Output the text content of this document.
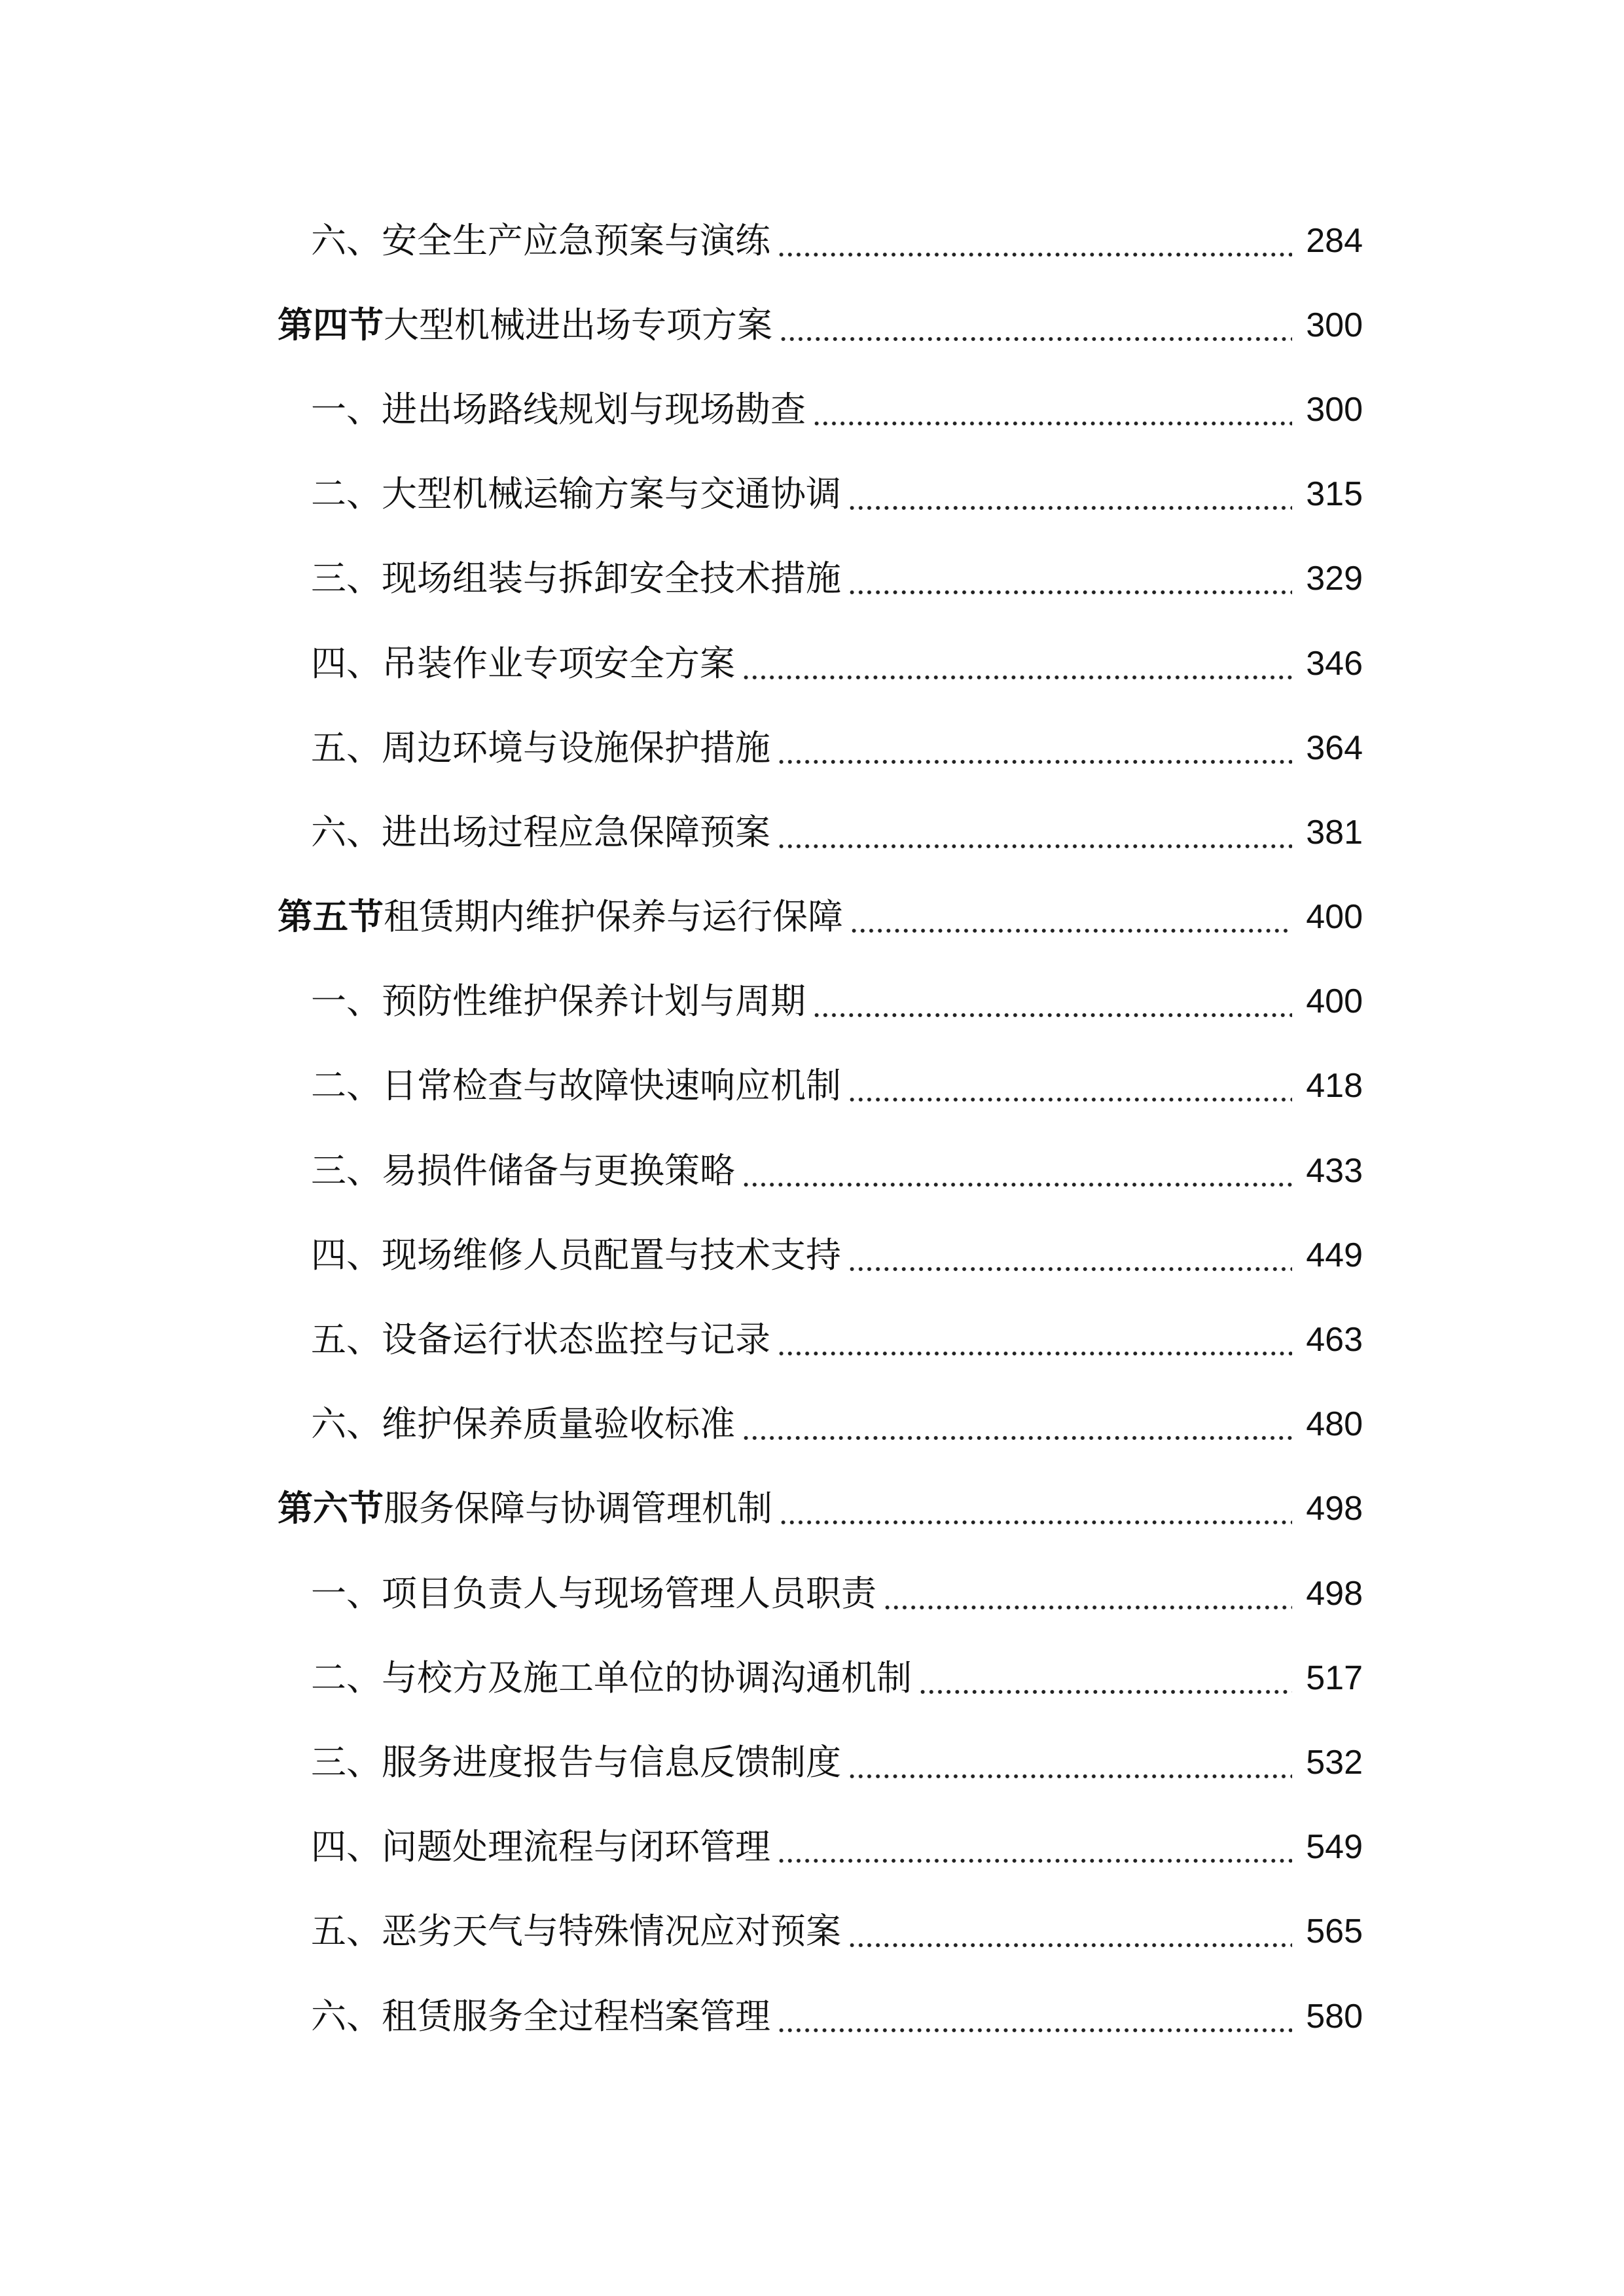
六、安全生产应急预案与演练	284
第四节大型机械进出场专项方案	300
一、进出场路线规划与现场勘查	300
二、大型机械运输方案与交通协调	315
三、现场组装与拆卸安全技术措施	329
四、吊装作业专项安全方案	346
五、周边环境与设施保护措施	364
六、进出场过程应急保障预案	381
第五节租赁期内维护保养与运行保障	400
一、预防性维护保养计划与周期	400
二、日常检查与故障快速响应机制	418
三、易损件储备与更换策略	433
四、现场维修人员配置与技术支持	449
五、设备运行状态监控与记录	463
六、维护保养质量验收标准	480
第六节服务保障与协调管理机制	498
一、项目负责人与现场管理人员职责	498
二、与校方及施工单位的协调沟通机制	517
三、服务进度报告与信息反馈制度	532
四、问题处理流程与闭环管理	549
五、恶劣天气与特殊情况应对预案	565
六、租赁服务全过程档案管理	580
